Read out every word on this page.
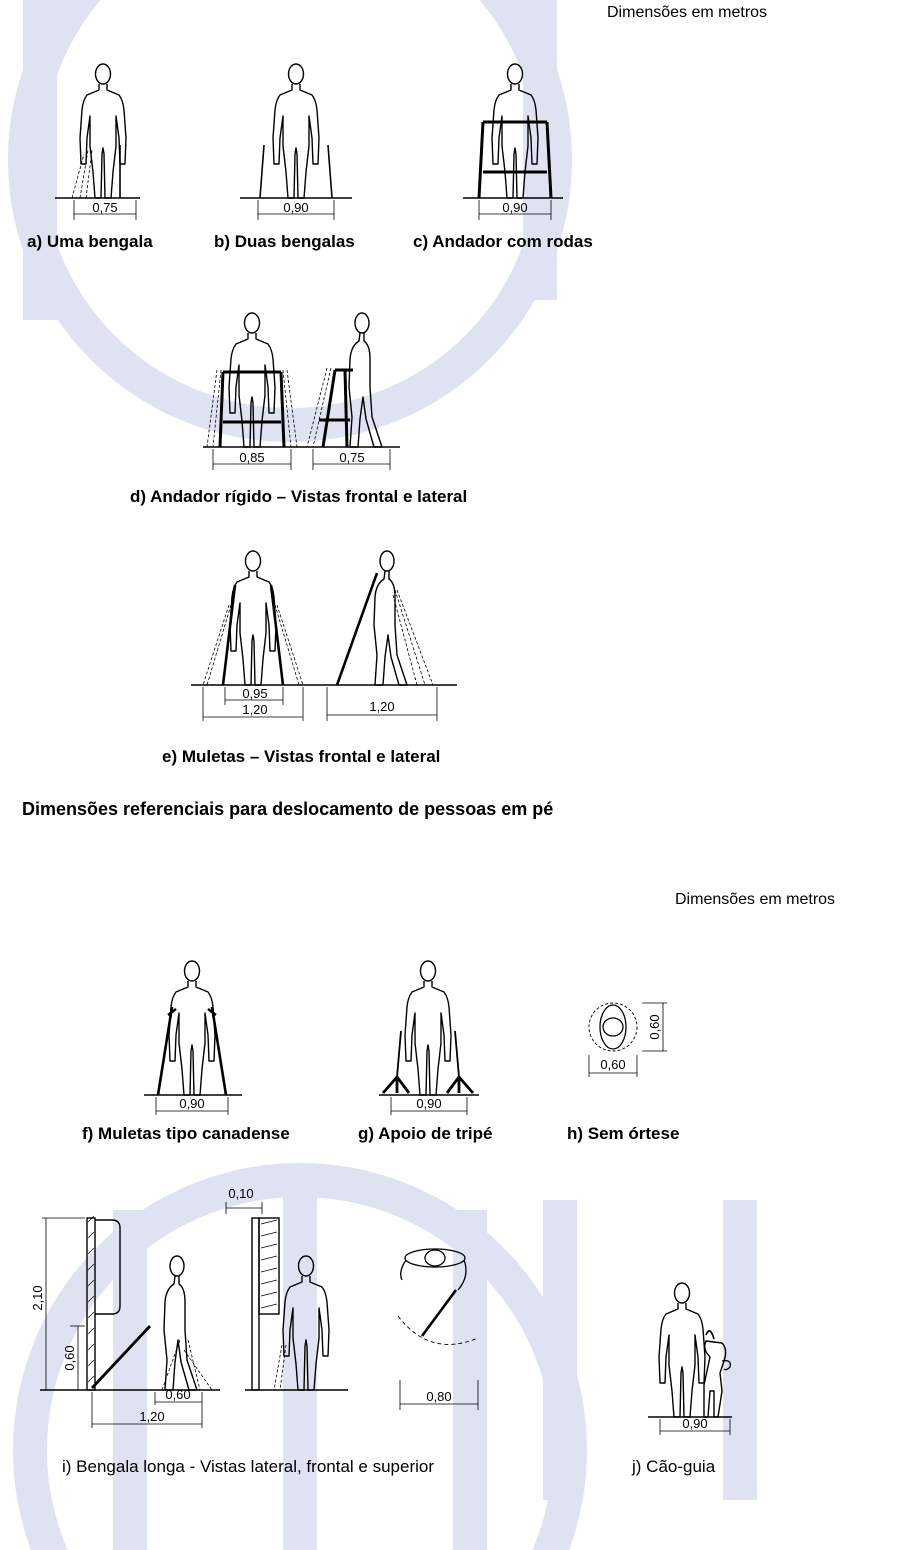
Dimensões em metros
0,75
a) Uma bengala
0,90
b) Duas bengalas
0,90
c) Andador com rodas
0,85	0,75
d) Andador rígido – Vistas frontal e lateral
0,95
1,20	1,20
e) Muletas – Vistas frontal e lateral
Dimensões referenciais para deslocamento de pessoas em pé
Dimensões em metros
0,90
f) Muletas tipo canadense
0,90
g) Apoio de tripé
0,60
0,60
h) Sem órtese
2,10
0,60
0,60
1,20
0,10
0,80
i) Bengala longa - Vistas lateral, frontal e superior
0,90
j) Cão-guia
